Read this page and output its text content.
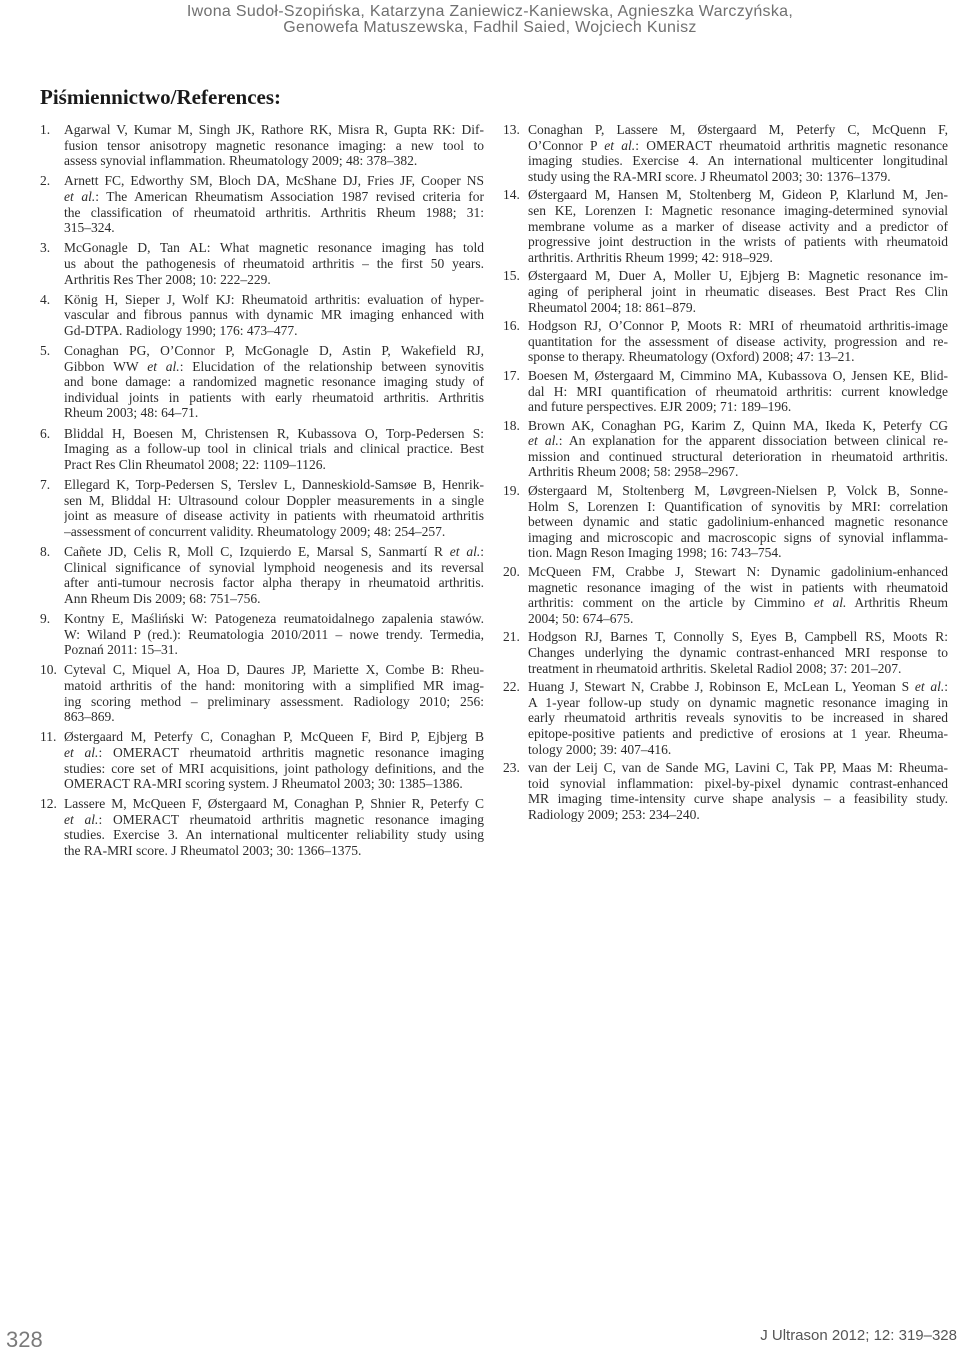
Iwona Sudoł-Szopińska, Katarzyna Zaniewicz-Kaniewska, Agnieszka Warczyńska,
Genowefa Matuszewska, Fadhil Saied, Wojciech Kunisz
Piśmiennictwo/References:
1.	Agarwal V, Kumar M, Singh JK, Rathore RK, Misra R, Gupta RK: Dif-
fusion tensor anisotropy magnetic resonance imaging: a new tool to
assess synovial inflammation. Rheumatology 2009; 48: 378–382.
2.	Arnett FC, Edworthy SM, Bloch DA, McShane DJ, Fries JF, Cooper NS
et al.: The American Rheumatism Association 1987 revised criteria for
the classification of rheumatoid arthritis. Arthritis Rheum 1988; 31:
315–324.
3.	McGonagle D, Tan AL: What magnetic resonance imaging has told
us about the pathogenesis of rheumatoid arthritis – the first 50 years.
Arthritis Res Ther 2008; 10: 222–229.
4.	König H, Sieper J, Wolf KJ: Rheumatoid arthritis: evaluation of hyper-
vascular and fibrous pannus with dynamic MR imaging enhanced with
Gd-DTPA. Radiology 1990; 176: 473–477.
5.	Conaghan PG, O’Connor P, McGonagle D, Astin P, Wakefield RJ,
Gibbon WW et al.: Elucidation of the relationship between synovitis
and bone damage: a randomized magnetic resonance imaging study of
individual joints in patients with early rheumatoid arthritis. Arthritis
Rheum 2003; 48: 64–71.
6.	Bliddal H, Boesen M, Christensen R, Kubassova O, Torp-Pedersen S:
Imaging as a follow-up tool in clinical trials and clinical practice. Best
Pract Res Clin Rheumatol 2008; 22: 1109–1126.
7.	Ellegard K, Torp-Pedersen S, Terslev L, Danneskiold-Samsøe B, Henrik-
sen M, Bliddal H: Ultrasound colour Doppler measurements in a single
joint as measure of disease activity in patients with rheumatoid arthritis
–assessment of concurrent validity. Rheumatology 2009; 48: 254–257.
8.	Cañete JD, Celis R, Moll C, Izquierdo E, Marsal S, Sanmartí R et al.:
Clinical significance of synovial lymphoid neogenesis and its reversal
after anti-tumour necrosis factor alpha therapy in rheumatoid arthritis.
Ann Rheum Dis 2009; 68: 751–756.
9.	Kontny E, Maśliński W: Patogeneza reumatoidalnego zapalenia stawów.
W: Wiland P (red.): Reumatologia 2010/2011 – nowe trendy. Termedia,
Poznań 2011: 15–31.
10. Cyteval C, Miquel A, Hoa D, Daures JP, Mariette X, Combe B: Rheu-
matoid arthritis of the hand: monitoring with a simplified MR imag-
ing scoring method – preliminary assessment. Radiology 2010; 256:
863–869.
11. Østergaard M, Peterfy C, Conaghan P, McQueen F, Bird P, Ejbjerg B
et al.: OMERACT rheumatoid arthritis magnetic resonance imaging
studies: core set of MRI acquisitions, joint pathology definitions, and the
OMERACT RA-MRI scoring system. J Rheumatol 2003; 30: 1385–1386.
12. Lassere M, McQueen F, Østergaard M, Conaghan P, Shnier R, Peterfy C
et al.: OMERACT rheumatoid arthritis magnetic resonance imaging
studies. Exercise 3. An international multicenter reliability study using
the RA-MRI score. J Rheumatol 2003; 30: 1366–1375.
13. Conaghan P, Lassere M, Østergaard M, Peterfy C, McQuenn F,
O’Connor P et al.: OMERACT rheumatoid arthritis magnetic resonance
imaging studies. Exercise 4. An international multicenter longitudinal
study using the RA-MRI score. J Rheumatol 2003; 30: 1376–1379.
14. Østergaard M, Hansen M, Stoltenberg M, Gideon P, Klarlund M, Jen-
sen KE, Lorenzen I: Magnetic resonance imaging-determined synovial
membrane volume as a marker of disease activity and a predictor of
progressive joint destruction in the wrists of patients with rheumatoid
arthritis. Arthritis Rheum 1999; 42: 918–929.
15. Østergaard M, Duer A, Moller U, Ejbjerg B: Magnetic resonance im-
aging of peripheral joint in rheumatic diseases. Best Pract Res Clin
Rheumatol 2004; 18: 861–879.
16. Hodgson RJ, O’Connor P, Moots R: MRI of rheumatoid arthritis-image
quantitation for the assessment of disease activity, progression and re-
sponse to therapy. Rheumatology (Oxford) 2008; 47: 13–21.
17. Boesen M, Østergaard M, Cimmino MA, Kubassova O, Jensen KE, Blid-
dal H: MRI quantification of rheumatoid arthritis: current knowledge
and future perspectives. EJR 2009; 71: 189–196.
18. Brown AK, Conaghan PG, Karim Z, Quinn MA, Ikeda K, Peterfy CG
et al.: An explanation for the apparent dissociation between clinical re-
mission and continued structural deterioration in rheumatoid arthritis.
Arthritis Rheum 2008; 58: 2958–2967.
19. Østergaard M, Stoltenberg M, Løvgreen-Nielsen P, Volck B, Sonne-
Holm S, Lorenzen I: Quantification of synovitis by MRI: correlation
between dynamic and static gadolinium-enhanced magnetic resonance
imaging and microscopic and macroscopic signs of synovial inflamma-
tion. Magn Reson Imaging 1998; 16: 743–754.
20. McQueen FM, Crabbe J, Stewart N: Dynamic gadolinium-enhanced
magnetic resonance imaging of the wist in patients with rheumatoid
arthritis: comment on the article by Cimmino et al. Arthritis Rheum
2004; 50: 674–675.
21. Hodgson RJ, Barnes T, Connolly S, Eyes B, Campbell RS, Moots R:
Changes underlying the dynamic contrast-enhanced MRI response to
treatment in rheumatoid arthritis. Skeletal Radiol 2008; 37: 201–207.
22. Huang J, Stewart N, Crabbe J, Robinson E, McLean L, Yeoman S et al.:
A 1-year follow-up study on dynamic magnetic resonance imaging in
early rheumatoid arthritis reveals synovitis to be increased in shared
epitope-positive patients and predictive of erosions at 1 year. Rheuma-
tology 2000; 39: 407–416.
23. van der Leij C, van de Sande MG, Lavini C, Tak PP, Maas M: Rheuma-
toid synovial inflammation: pixel-by-pixel dynamic contrast-enhanced
MR imaging time-intensity curve shape analysis – a feasibility study.
Radiology 2009; 253: 234–240.
328	J Ultrason 2012; 12: 319–328
